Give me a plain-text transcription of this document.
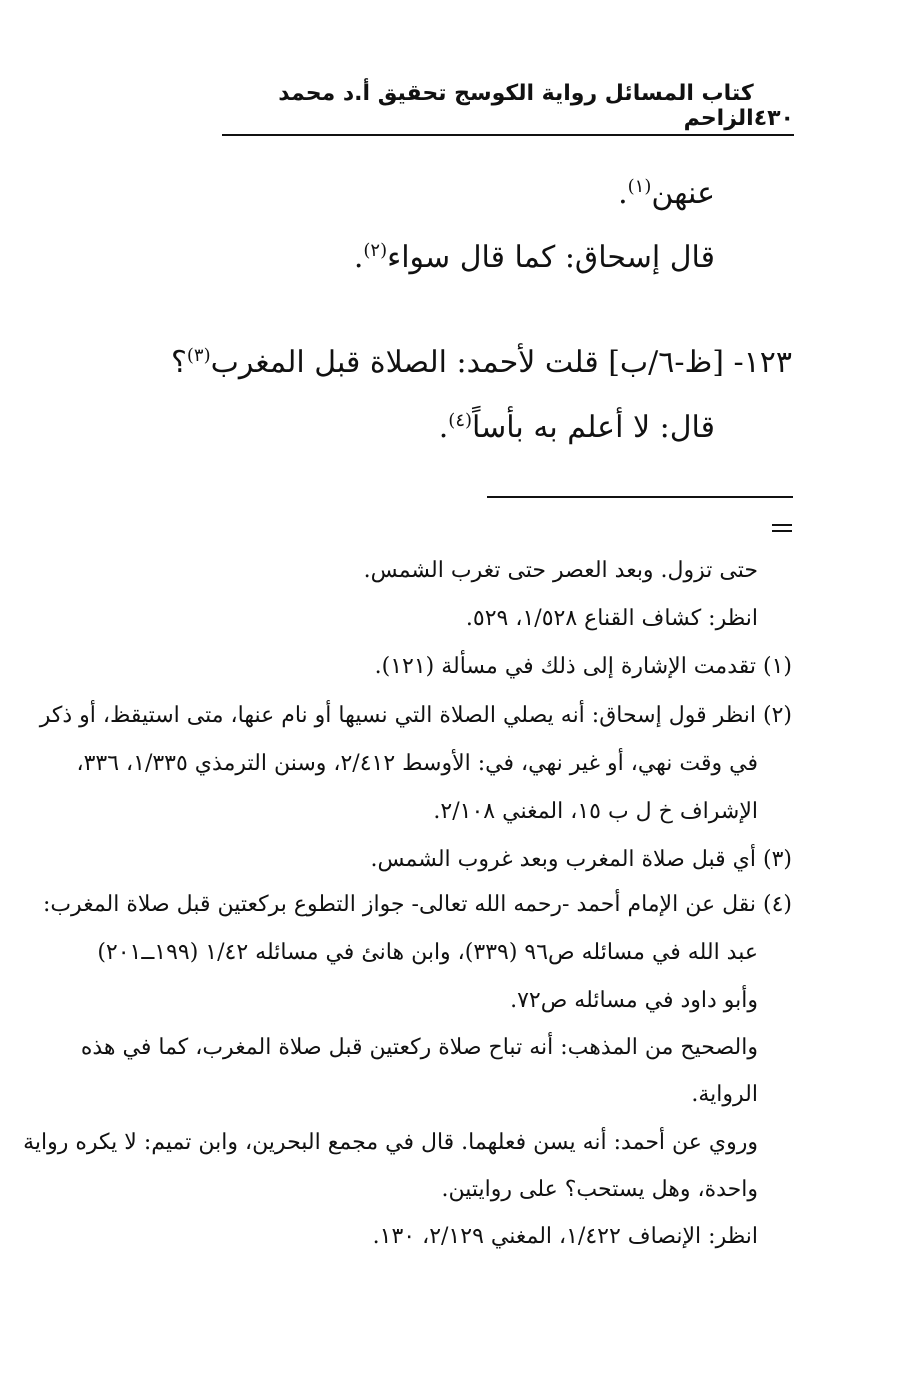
كتاب المسائل رواية الكوسج تحقيق أ.د محمد الزاحم ٤٣٠
عنهن$^{(١)}$.
قال إسحاق: كما قال سواء$^{(٢)}$.
١٢٣- [ظ-٦/ب] قلت لأحمد: الصلاة قبل المغرب$^{(٣)}$؟
قال: لا أعلم به بأساً$^{(٤)}$.
حتى تزول. وبعد العصر حتى تغرب الشمس.
انظر: كشاف القناع ١/٥٢٨، ٥٢٩.
(١) تقدمت الإشارة إلى ذلك في مسألة (١٢١).
(٢) انظر قول إسحاق: أنه يصلي الصلاة التي نسيها أو نام عنها، متى استيقظ، أو ذكر
في وقت نهي، أو غير نهي، في: الأوسط ٢/٤١٢، وسنن الترمذي ١/٣٣٥، ٣٣٦،
الإشراف خ ل ب ١٥، المغني ٢/١٠٨.
(٣) أي قبل صلاة المغرب وبعد غروب الشمس.
(٤) نقل عن الإمام أحمد -رحمه الله تعالى- جواز التطوع بركعتين قبل صلاة المغرب:
عبد الله في مسائله ص٩٦ (٣٣٩)، وابن هانئ في مسائله ١/٤٢ (١٩٩ــ٢٠١)
وأبو داود في مسائله ص٧٢.
والصحيح من المذهب: أنه تباح صلاة ركعتين قبل صلاة المغرب، كما في هذه
الرواية.
وروي عن أحمد: أنه يسن فعلهما. قال في مجمع البحرين، وابن تميم: لا يكره رواية
واحدة، وهل يستحب؟ على روايتين.
انظر: الإنصاف ١/٤٢٢، المغني ٢/١٢٩، ١٣٠.
